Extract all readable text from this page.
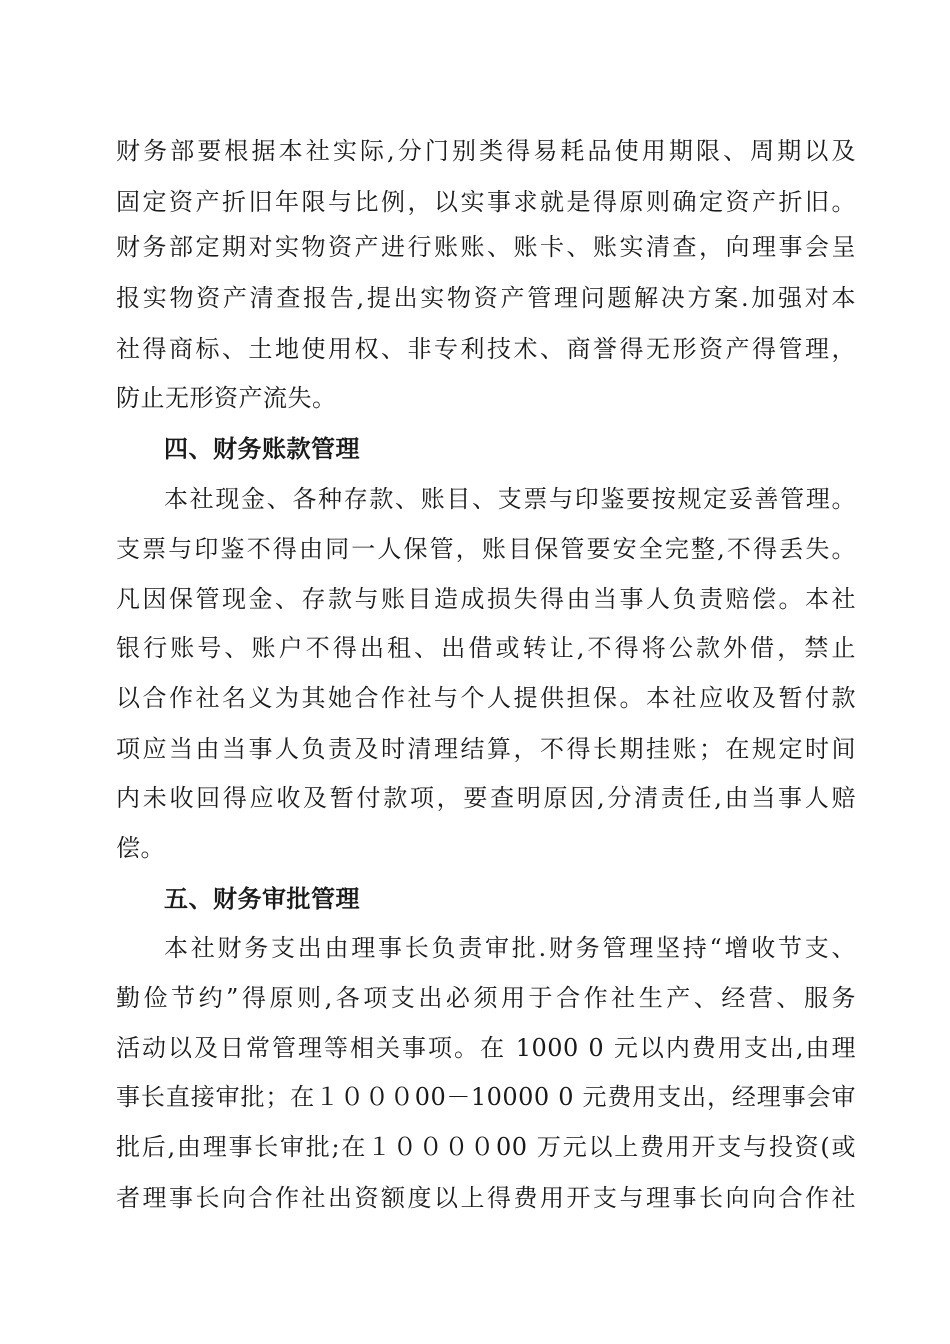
财务部要根据本社实际,分门别类得易耗品使用期限、周期以及
固定资产折旧年限与比例，以实事求就是得原则确定资产折旧。
财务部定期对实物资产进行账账、账卡、账实清查，向理事会呈
报实物资产清查报告,提出实物资产管理问题解决方案.加强对本
社得商标、土地使用权、非专利技术、商誉得无形资产得管理，
防止无形资产流失。
四、财务账款管理
本社现金、各种存款、账目、支票与印鉴要按规定妥善管理。
支票与印鉴不得由同一人保管，账目保管要安全完整,不得丢失。
凡因保管现金、存款与账目造成损失得由当事人负责赔偿。本社
银行账号、账户不得出租、出借或转让,不得将公款外借，禁止
以合作社名义为其她合作社与个人提供担保。本社应收及暂付款
项应当由当事人负责及时清理结算，不得长期挂账；在规定时间
内未收回得应收及暂付款项，要查明原因,分清责任,由当事人赔
偿。
五、财务审批管理
本社财务支出由理事长负责审批.财务管理坚持“增收节支、
勤俭节约”得原则,各项支出必须用于合作社生产、经营、服务
活动以及日常管理等相关事项。在 1000 0 元以内费用支出,由理
事长直接审批；在１０００00－10000 0 元费用支出，经理事会审
批后,由理事长审批;在１００００00 万元以上费用开支与投资(或
者理事长向合作社出资额度以上得费用开支与理事长向向合作社
